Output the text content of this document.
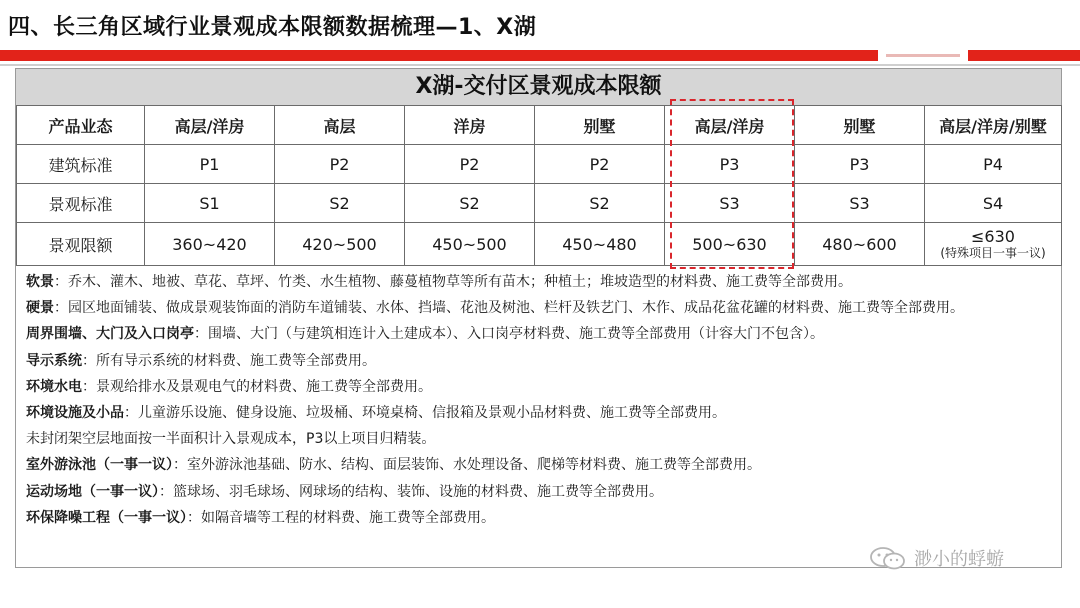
四、长三角区域行业景观成本限额数据梳理—1、X湖
X湖-交付区景观成本限额
产品业态	高层/洋房	高层	洋房	别墅	高层/洋房	别墅	高层/洋房/别墅
建筑标准	P1	P2	P2	P2	P3	P3	P4
景观标准	S1	S2	S2	S2	S3	S3	S4
景观限额	360~420	420~500	450~500	450~480	500~630	480~600	≤630
(特殊项目一事一议)
软景：乔木、灌木、地被、草花、草坪、竹类、水生植物、藤蔓植物草等所有苗木；种植土；堆坡造型的材料费、施工费等全部费用。
硬景：园区地面铺装、做成景观装饰面的消防车道铺装、水体、挡墙、花池及树池、栏杆及铁艺门、木作、成品花盆花罐的材料费、施工费等全部费用。
周界围墙、大门及入口岗亭：围墙、大门（与建筑相连计入土建成本）、入口岗亭材料费、施工费等全部费用（计容大门不包含）。
导示系统：所有导示系统的材料费、施工费等全部费用。
环境水电：景观给排水及景观电气的材料费、施工费等全部费用。
环境设施及小品：儿童游乐设施、健身设施、垃圾桶、环境桌椅、信报箱及景观小品材料费、施工费等全部费用。
未封闭架空层地面按一半面积计入景观成本，P3以上项目归精装。
室外游泳池（一事一议）：室外游泳池基础、防水、结构、面层装饰、水处理设备、爬梯等材料费、施工费等全部费用。
运动场地（一事一议）：篮球场、羽毛球场、网球场的结构、装饰、设施的材料费、施工费等全部费用。
环保降噪工程（一事一议）：如隔音墙等工程的材料费、施工费等全部费用。
渺小的蜉蝣
